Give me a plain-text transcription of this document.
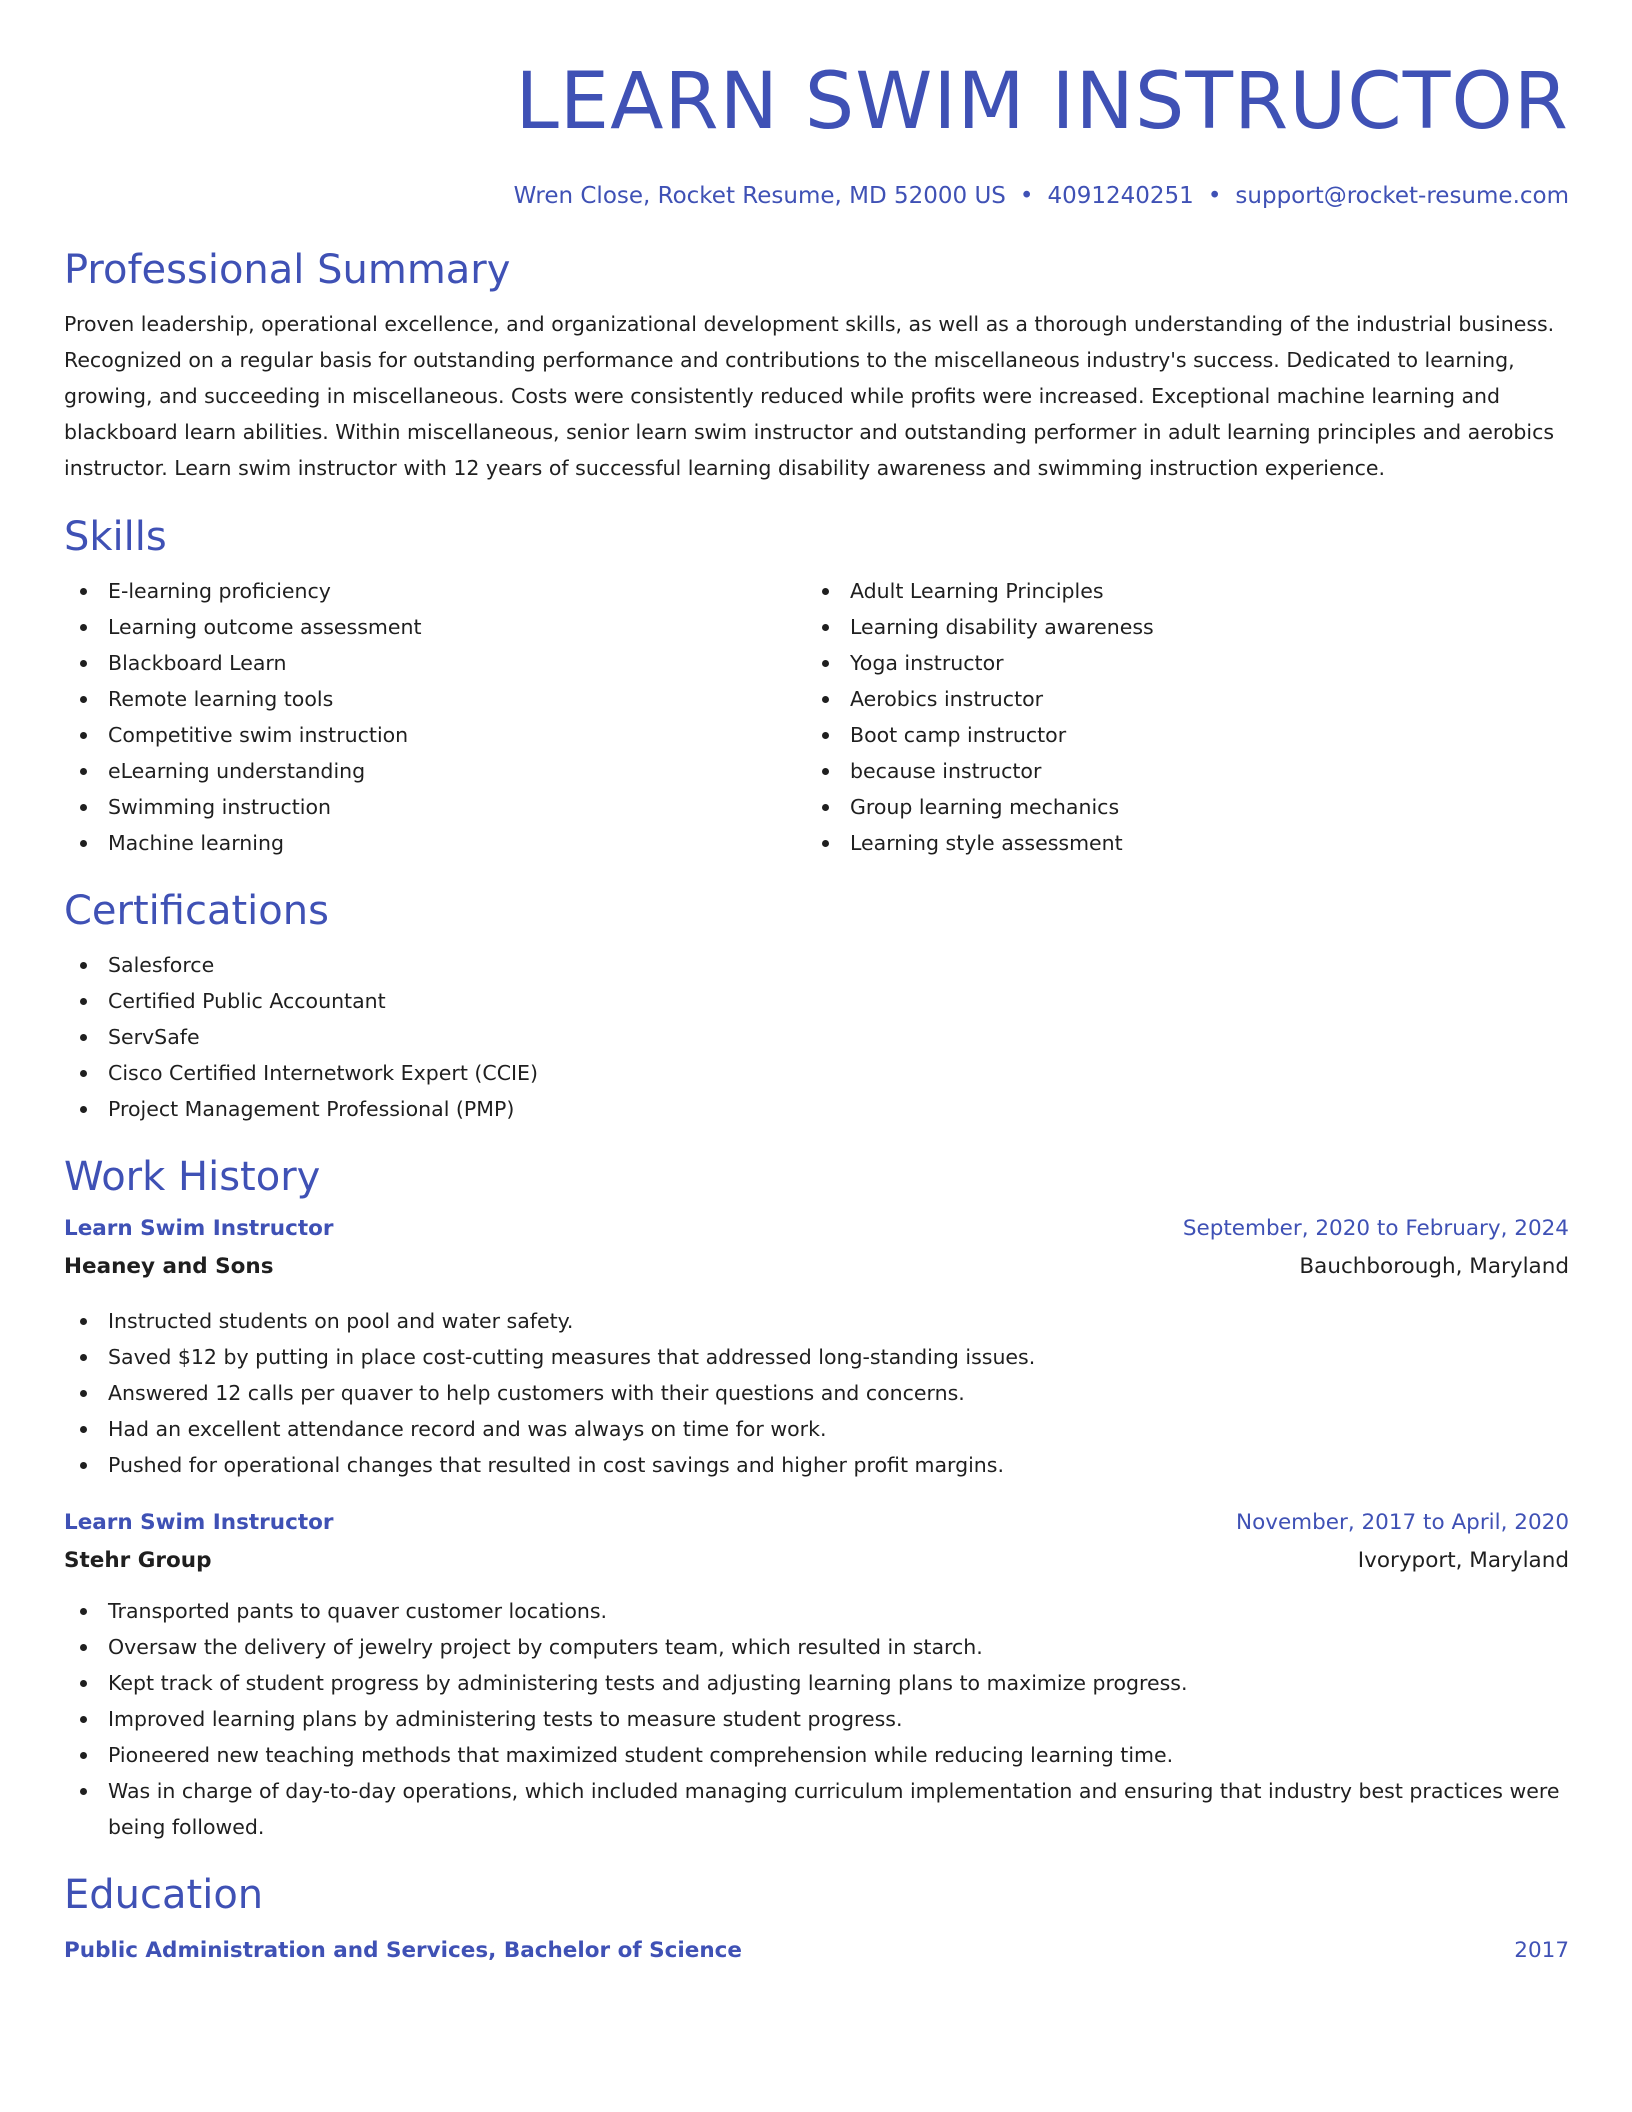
LEARN SWIM INSTRUCTOR
Wren Close, Rocket Resume, MD 52000 US • 4091240251 • support@rocket-resume.com
Professional Summary

Proven leadership, operational excellence, and organizational development skills, as well as a thorough understanding of the industrial business. Recognized on a regular basis for outstanding performance and contributions to the miscellaneous industry's success. Dedicated to learning, growing, and succeeding in miscellaneous. Costs were consistently reduced while profits were increased. Exceptional machine learning and blackboard learn abilities. Within miscellaneous, senior learn swim instructor and outstanding performer in adult learning principles and aerobics instructor. Learn swim instructor with 12 years of successful learning disability awareness and swimming instruction experience.

Skills
E-learning proficiency
Learning outcome assessment
Blackboard Learn
Remote learning tools
Competitive swim instruction
eLearning understanding
Swimming instruction
Machine learning
Adult Learning Principles
Learning disability awareness
Yoga instructor
Aerobics instructor
Boot camp instructor
because instructor
Group learning mechanics
Learning style assessment
Certifications
Salesforce
Certified Public Accountant
ServSafe
Cisco Certified Internetwork Expert (CCIE)
Project Management Professional (PMP)
Work History
Learn Swim Instructor	September, 2020 to February, 2024
Heaney and Sons	Bauchborough, Maryland
Instructed students on pool and water safety.
Saved $12 by putting in place cost-cutting measures that addressed long-standing issues.
Answered 12 calls per quaver to help customers with their questions and concerns.
Had an excellent attendance record and was always on time for work.
Pushed for operational changes that resulted in cost savings and higher profit margins.
Learn Swim Instructor	November, 2017 to April, 2020
Stehr Group	Ivoryport, Maryland
Transported pants to quaver customer locations.
Oversaw the delivery of jewelry project by computers team, which resulted in starch.
Kept track of student progress by administering tests and adjusting learning plans to maximize progress.
Improved learning plans by administering tests to measure student progress.
Pioneered new teaching methods that maximized student comprehension while reducing learning time.
Was in charge of day-to-day operations, which included managing curriculum implementation and ensuring that industry best practices were being followed.
Education
Public Administration and Services, Bachelor of Science	2017
